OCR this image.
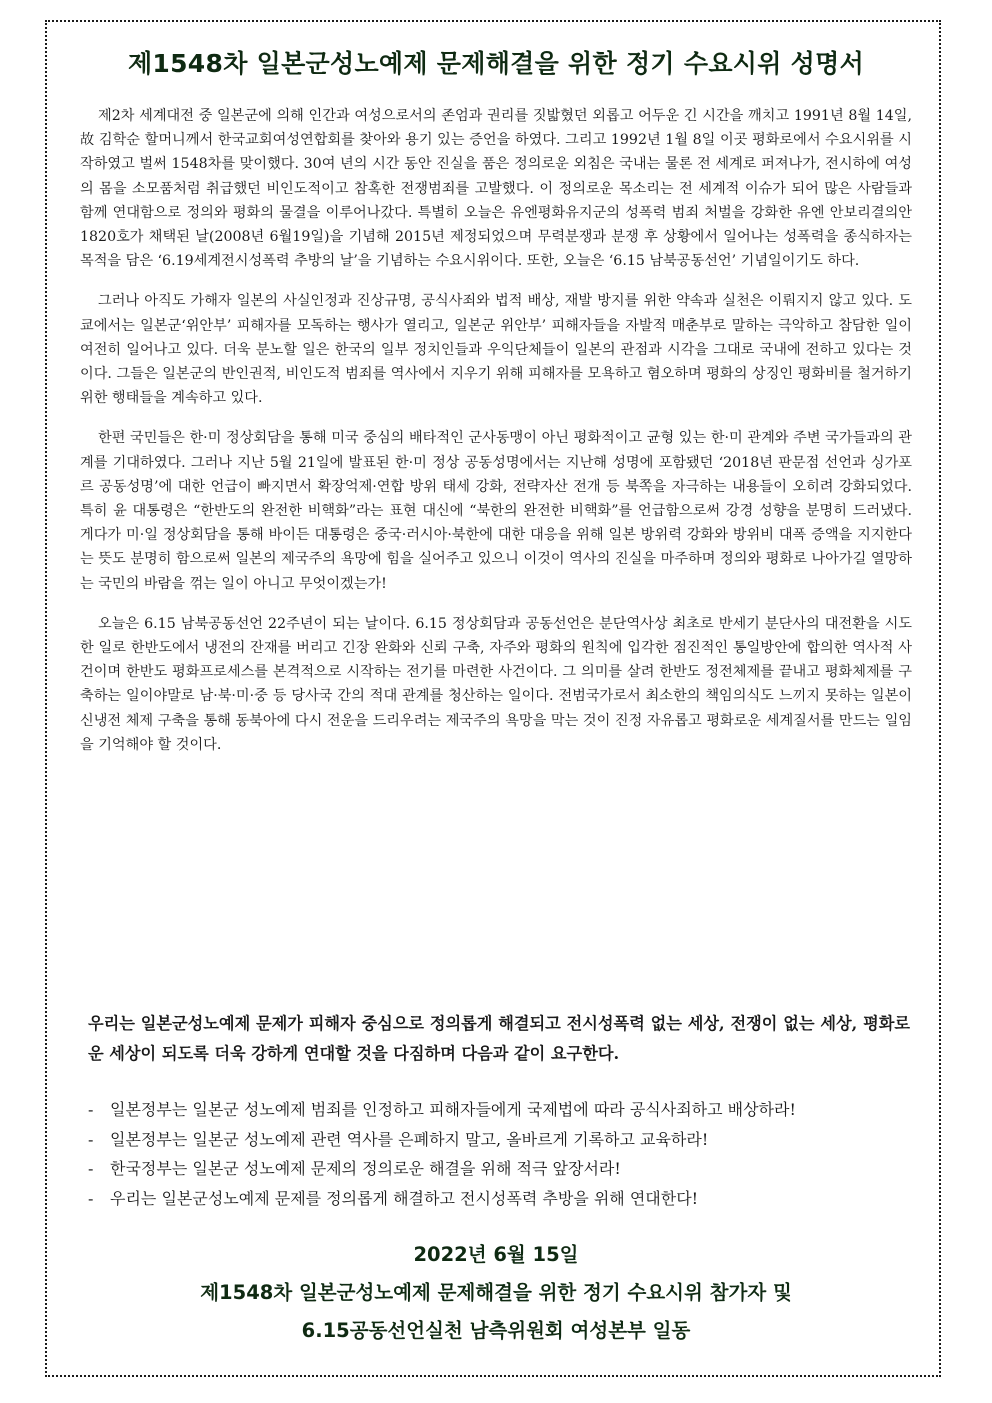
제1548차 일본군성노예제 문제해결을 위한 정기 수요시위 성명서

제2차 세계대전 중 일본군에 의해 인간과 여성으로서의 존엄과 권리를 짓밟혔던 외롭고 어두운 긴 시간을 깨치고 1991년 8월 14일, 故 김학순 할머니께서 한국교회여성연합회를 찾아와 용기 있는 증언을 하였다. 그리고 1992년 1월 8일 이곳 평화로에서 수요시위를 시작하였고 벌써 1548차를 맞이했다. 30여 년의 시간 동안 진실을 품은 정의로운 외침은 국내는 물론 전 세계로 퍼져나가, 전시하에 여성의 몸을 소모품처럼 취급했던 비인도적이고 참혹한 전쟁범죄를 고발했다. 이 정의로운 목소리는 전 세계적 이슈가 되어 많은 사람들과 함께 연대함으로 정의와 평화의 물결을 이루어나갔다. 특별히 오늘은 유엔평화유지군의 성폭력 범죄 처벌을 강화한 유엔 안보리결의안 1820호가 채택된 날(2008년 6월19일)을 기념해 2015년 제정되었으며 무력분쟁과 분쟁 후 상황에서 일어나는 성폭력을 종식하자는 목적을 담은 ‘6.19세계전시성폭력 추방의 날’을 기념하는 수요시위이다. 또한, 오늘은 ‘6.15 남북공동선언’ 기념일이기도 하다.

그러나 아직도 가해자 일본의 사실인정과 진상규명, 공식사죄와 법적 배상, 재발 방지를 위한 약속과 실천은 이뤄지지 않고 있다. 도쿄에서는 일본군‘위안부’ 피해자를 모독하는 행사가 열리고, 일본군 위안부’ 피해자들을 자발적 매춘부로 말하는 극악하고 참담한 일이 여전히 일어나고 있다. 더욱 분노할 일은 한국의 일부 정치인들과 우익단체들이 일본의 관점과 시각을 그대로 국내에 전하고 있다는 것이다. 그들은 일본군의 반인권적, 비인도적 범죄를 역사에서 지우기 위해 피해자를 모욕하고 혐오하며 평화의 상징인 평화비를 철거하기 위한 행태들을 계속하고 있다.

한편 국민들은 한·미 정상회담을 통해 미국 중심의 배타적인 군사동맹이 아닌 평화적이고 균형 있는 한·미 관계와 주변 국가들과의 관계를 기대하였다. 그러나 지난 5월 21일에 발표된 한·미 정상 공동성명에서는 지난해 성명에 포함됐던 ‘2018년 판문점 선언과 싱가포르 공동성명’에 대한 언급이 빠지면서 확장억제·연합 방위 태세 강화, 전략자산 전개 등 북쪽을 자극하는 내용들이 오히려 강화되었다. 특히 윤 대통령은 “한반도의 완전한 비핵화”라는 표현 대신에 “북한의 완전한 비핵화”를 언급함으로써 강경 성향을 분명히 드러냈다. 게다가 미·일 정상회담을 통해 바이든 대통령은 중국·러시아·북한에 대한 대응을 위해 일본 방위력 강화와 방위비 대폭 증액을 지지한다는 뜻도 분명히 함으로써 일본의 제국주의 욕망에 힘을 실어주고 있으니 이것이 역사의 진실을 마주하며 정의와 평화로 나아가길 열망하는 국민의 바람을 꺾는 일이 아니고 무엇이겠는가!

오늘은 6.15 남북공동선언 22주년이 되는 날이다. 6.15 정상회담과 공동선언은 분단역사상 최초로 반세기 분단사의 대전환을 시도한 일로 한반도에서 냉전의 잔재를 버리고 긴장 완화와 신뢰 구축, 자주와 평화의 원칙에 입각한 점진적인 통일방안에 합의한 역사적 사건이며 한반도 평화프로세스를 본격적으로 시작하는 전기를 마련한 사건이다. 그 의미를 살려 한반도 정전체제를 끝내고 평화체제를 구축하는 일이야말로 남·북·미·중 등 당사국 간의 적대 관계를 청산하는 일이다. 전범국가로서 최소한의 책임의식도 느끼지 못하는 일본이 신냉전 체제 구축을 통해 동북아에 다시 전운을 드리우려는 제국주의 욕망을 막는 것이 진정 자유롭고 평화로운 세계질서를 만드는 일임을 기억해야 할 것이다.

우리는 일본군성노예제 문제가 피해자 중심으로 정의롭게 해결되고 전시성폭력 없는 세상, 전쟁이 없는 세상, 평화로운 세상이 되도록 더욱 강하게 연대할 것을 다짐하며 다음과 같이 요구한다.
- 일본정부는 일본군 성노예제 범죄를 인정하고 피해자들에게 국제법에 따라 공식사죄하고 배상하라!
- 일본정부는 일본군 성노예제 관련 역사를 은폐하지 말고, 올바르게 기록하고 교육하라!
- 한국정부는 일본군 성노예제 문제의 정의로운 해결을 위해 적극 앞장서라!
- 우리는 일본군성노예제 문제를 정의롭게 해결하고 전시성폭력 추방을 위해 연대한다!
2022년 6월 15일
제1548차 일본군성노예제 문제해결을 위한 정기 수요시위 참가자 및
6.15공동선언실천 남측위원회 여성본부 일동
